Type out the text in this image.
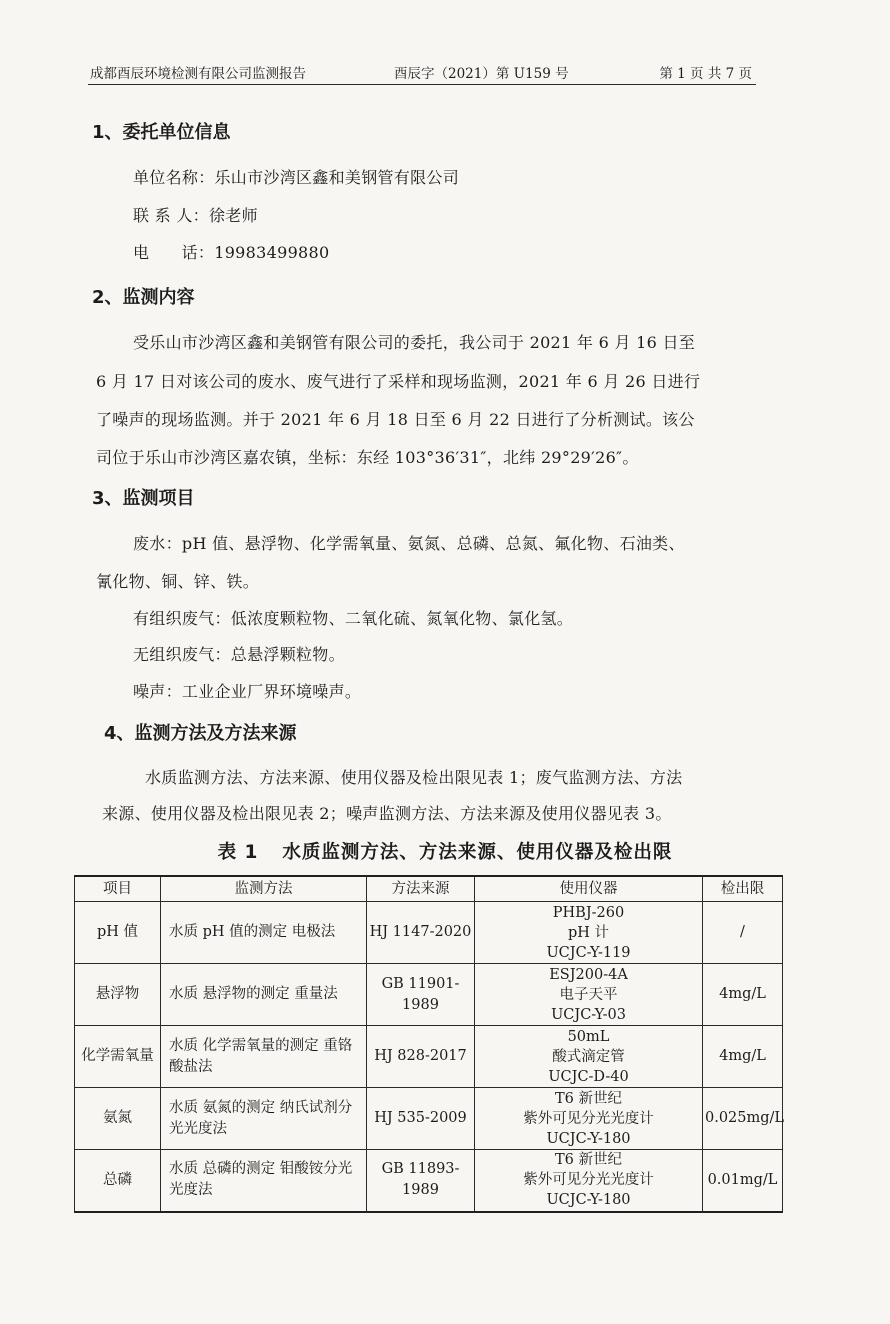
成都酉辰环境检测有限公司监测报告	酉辰字（2021）第 U159 号	第 1 页 共 7 页
1、委托单位信息
单位名称：乐山市沙湾区鑫和美钢管有限公司
联 系 人：徐老师
电      话：19983499880
2、监测内容
受乐山市沙湾区鑫和美钢管有限公司的委托，我公司于 2021 年 6 月 16 日至
6 月 17 日对该公司的废水、废气进行了采样和现场监测，2021 年 6 月 26 日进行
了噪声的现场监测。并于 2021 年 6 月 18 日至 6 月 22 日进行了分析测试。该公
司位于乐山市沙湾区嘉农镇，坐标：东经 103°36′31″，北纬 29°29′26″。
3、监测项目
废水：pH 值、悬浮物、化学需氧量、氨氮、总磷、总氮、氟化物、石油类、
氰化物、铜、锌、铁。
有组织废气：低浓度颗粒物、二氧化硫、氮氧化物、氯化氢。
无组织废气：总悬浮颗粒物。
噪声：工业企业厂界环境噪声。
4、监测方法及方法来源
水质监测方法、方法来源、使用仪器及检出限见表 1；废气监测方法、方法
来源、使用仪器及检出限见表 2；噪声监测方法、方法来源及使用仪器见表 3。
表 1 水质监测方法、方法来源、使用仪器及检出限
项目	监测方法	方法来源	使用仪器	检出限
pH 值	水质 pH 值的测定 电极法	HJ 1147-2020	PHBJ-260
pH 计
UCJC-Y-119	/
悬浮物	水质 悬浮物的测定 重量法	GB 11901-1989	ESJ200-4A
电子天平
UCJC-Y-03	4mg/L
化学需氧量	水质 化学需氧量的测定 重铬酸盐法	HJ 828-2017	50mL
酸式滴定管
UCJC-D-40	4mg/L
氨氮	水质 氨氮的测定 纳氏试剂分光光度法	HJ 535-2009	T6 新世纪
紫外可见分光光度计
UCJC-Y-180	0.025mg/L
总磷	水质 总磷的测定 钼酸铵分光光度法	GB 11893-1989	T6 新世纪
紫外可见分光光度计
UCJC-Y-180	0.01mg/L
